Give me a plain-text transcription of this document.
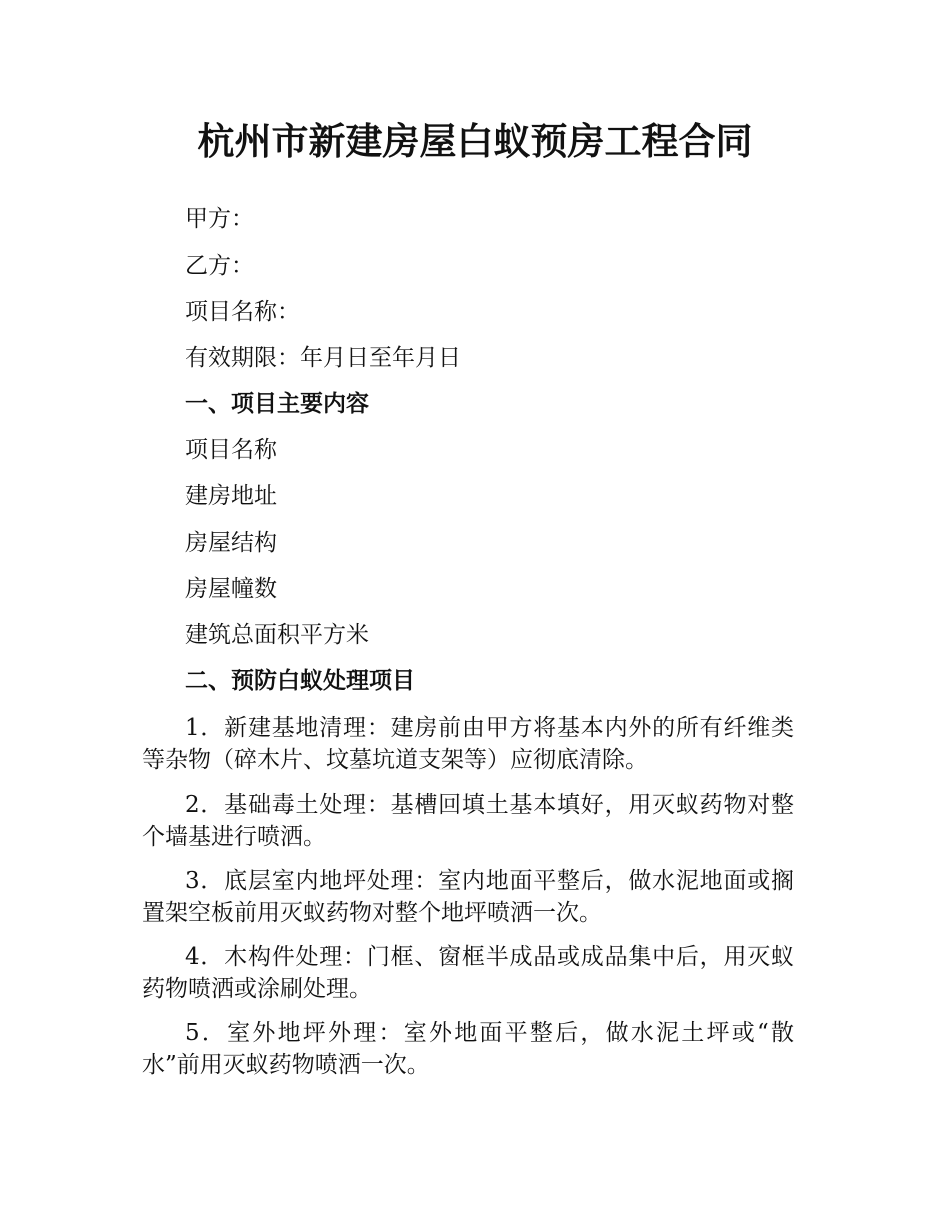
杭州市新建房屋白蚁预房工程合同

甲方：

乙方：

项目名称：

有效期限：年月日至年月日

一、项目主要内容

项目名称

建房地址

房屋结构

房屋幢数

建筑总面积平方米

二、预防白蚁处理项目

1．新建基地清理：建房前由甲方将基本内外的所有纤维类等杂物（碎木片、坟墓坑道支架等）应彻底清除。

2．基础毒土处理：基槽回填土基本填好，用灭蚁药物对整个墙基进行喷洒。

3．底层室内地坪处理：室内地面平整后，做水泥地面或搁置架空板前用灭蚁药物对整个地坪喷洒一次。

4．木构件处理：门框、窗框半成品或成品集中后，用灭蚁药物喷洒或涂刷处理。

5．室外地坪外理：室外地面平整后，做水泥土坪或“散水”前用灭蚁药物喷洒一次。
